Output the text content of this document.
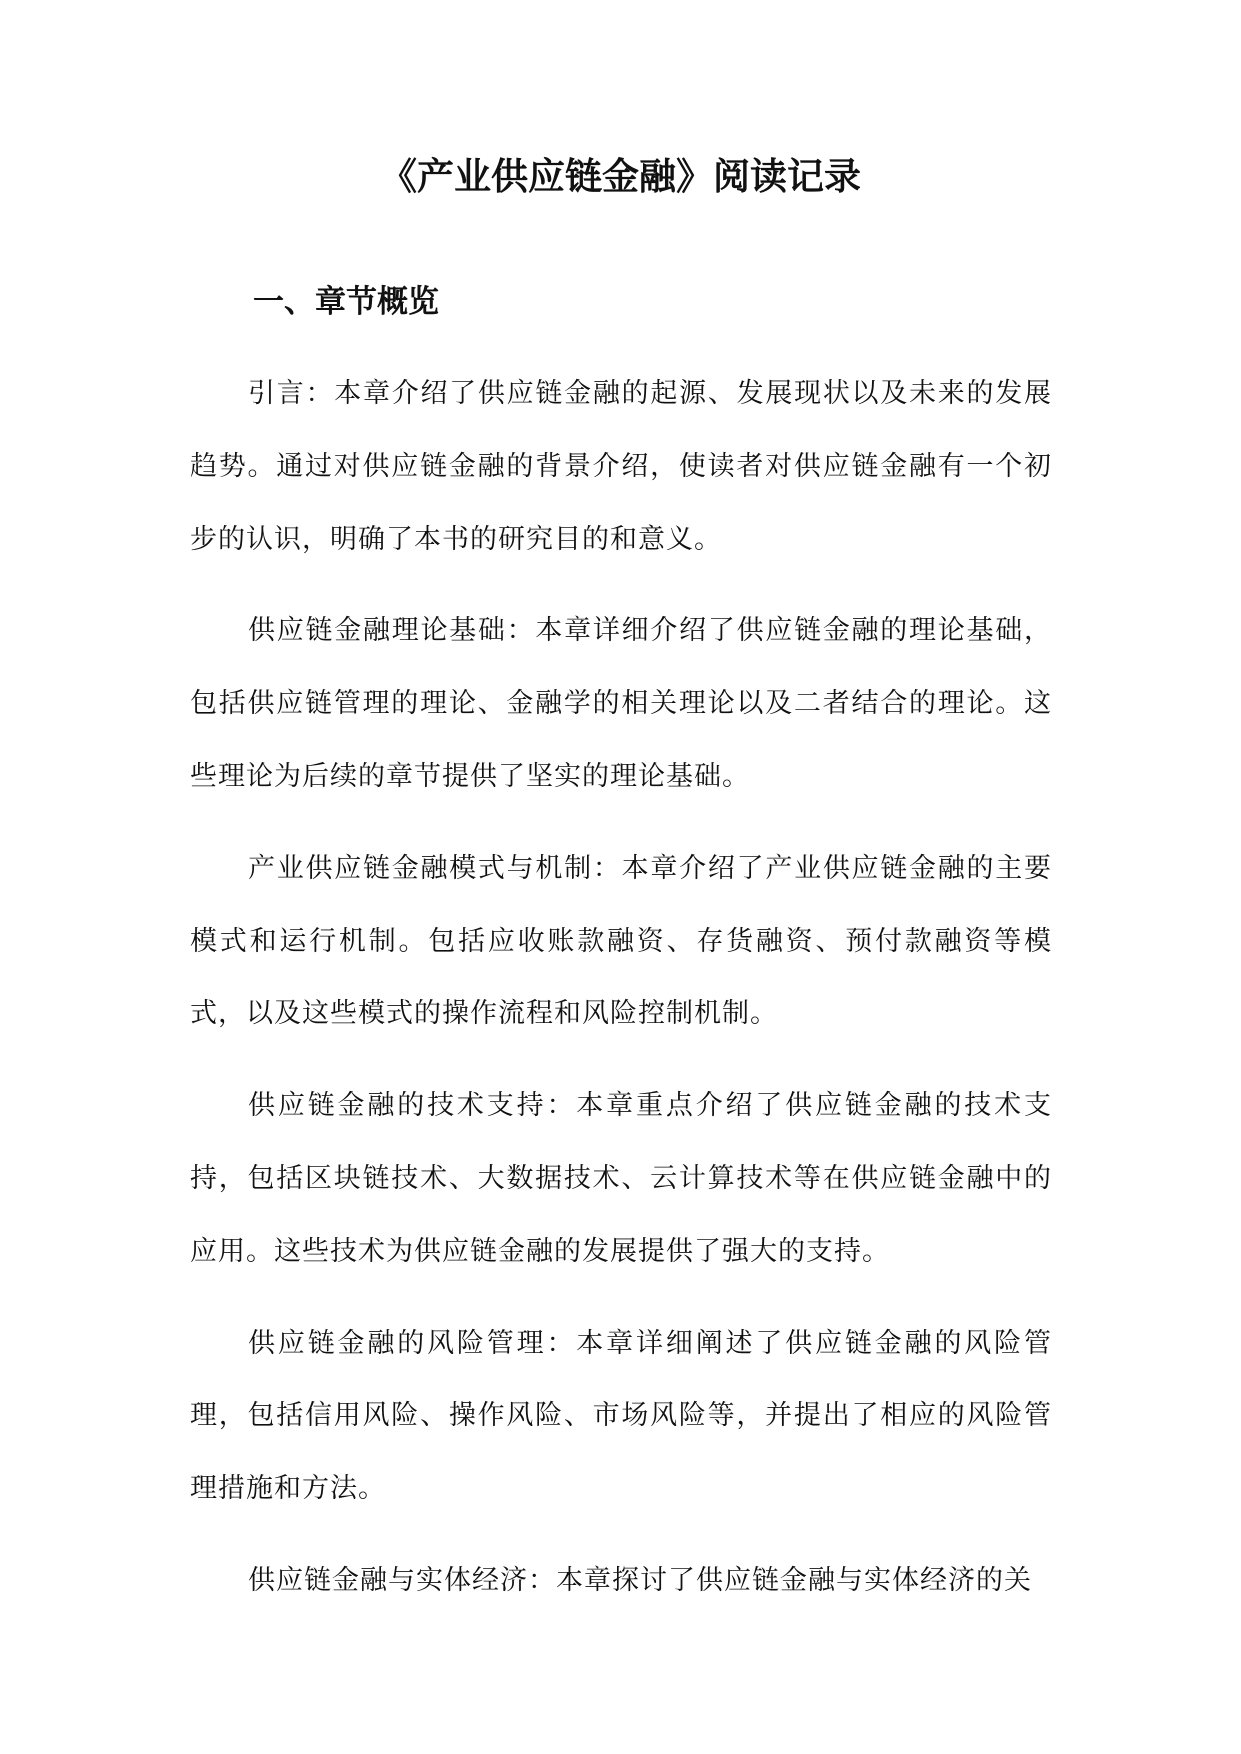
《产业供应链金融》阅读记录
一、章节概览

引言：本章介绍了供应链金融的起源、发展现状以及未来的发展趋势。通过对供应链金融的背景介绍，使读者对供应链金融有一个初步的认识，明确了本书的研究目的和意义。

供应链金融理论基础：本章详细介绍了供应链金融的理论基础，包括供应链管理的理论、金融学的相关理论以及二者结合的理论。这些理论为后续的章节提供了坚实的理论基础。

产业供应链金融模式与机制：本章介绍了产业供应链金融的主要模式和运行机制。包括应收账款融资、存货融资、预付款融资等模式，以及这些模式的操作流程和风险控制机制。

供应链金融的技术支持：本章重点介绍了供应链金融的技术支持，包括区块链技术、大数据技术、云计算技术等在供应链金融中的应用。这些技术为供应链金融的发展提供了强大的支持。

供应链金融的风险管理：本章详细阐述了供应链金融的风险管理，包括信用风险、操作风险、市场风险等，并提出了相应的风险管理措施和方法。

供应链金融与实体经济：本章探讨了供应链金融与实体经济的关
